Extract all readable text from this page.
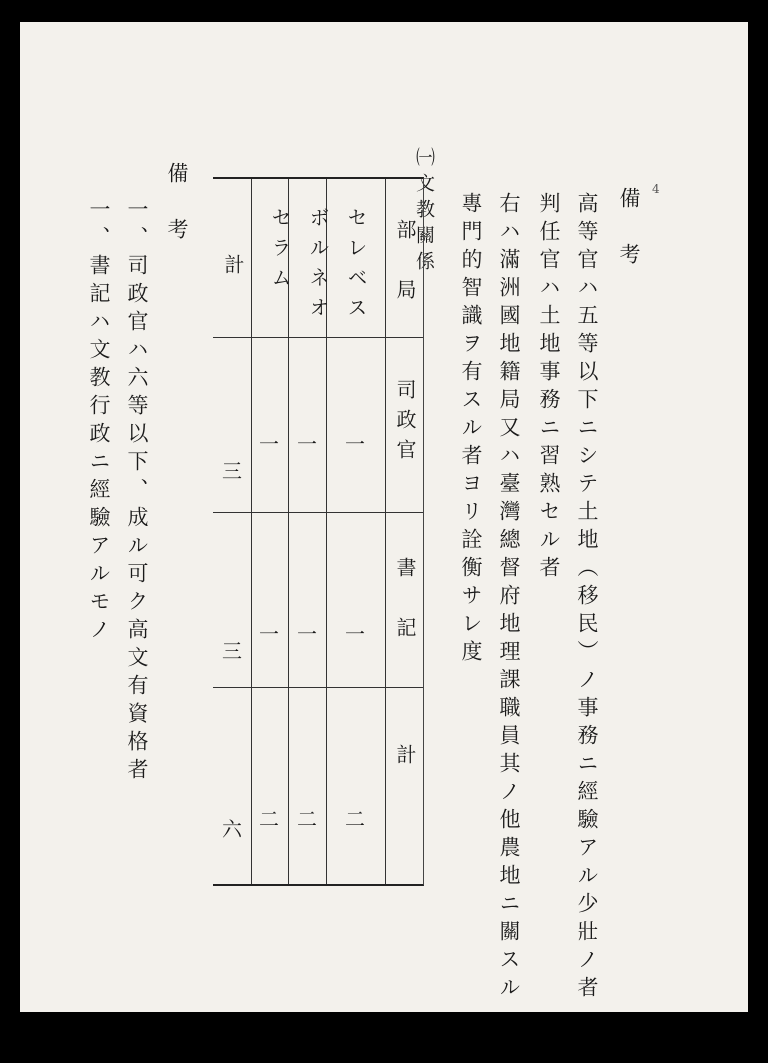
4
備　考
高等官ハ五等以下ニシテ土地（移民）ノ事務ニ經驗アル少壯ノ者
判任官ハ土地事務ニ習熟セル者
右ハ滿洲國地籍局又ハ臺灣總督府地理課職員其ノ他農地ニ關スル
專門的智識ヲ有スル者ヨリ詮衡サレ度
㈠文教關係
部　局
司政官
書　記
計
セレベス
一
一
二
ボルネオ
一
一
二
セラム
一
一
二
計
三
三
六
備　考
一、司政官ハ六等以下、成ル可ク高文有資格者
一、書記ハ文教行政ニ經驗アルモノ
